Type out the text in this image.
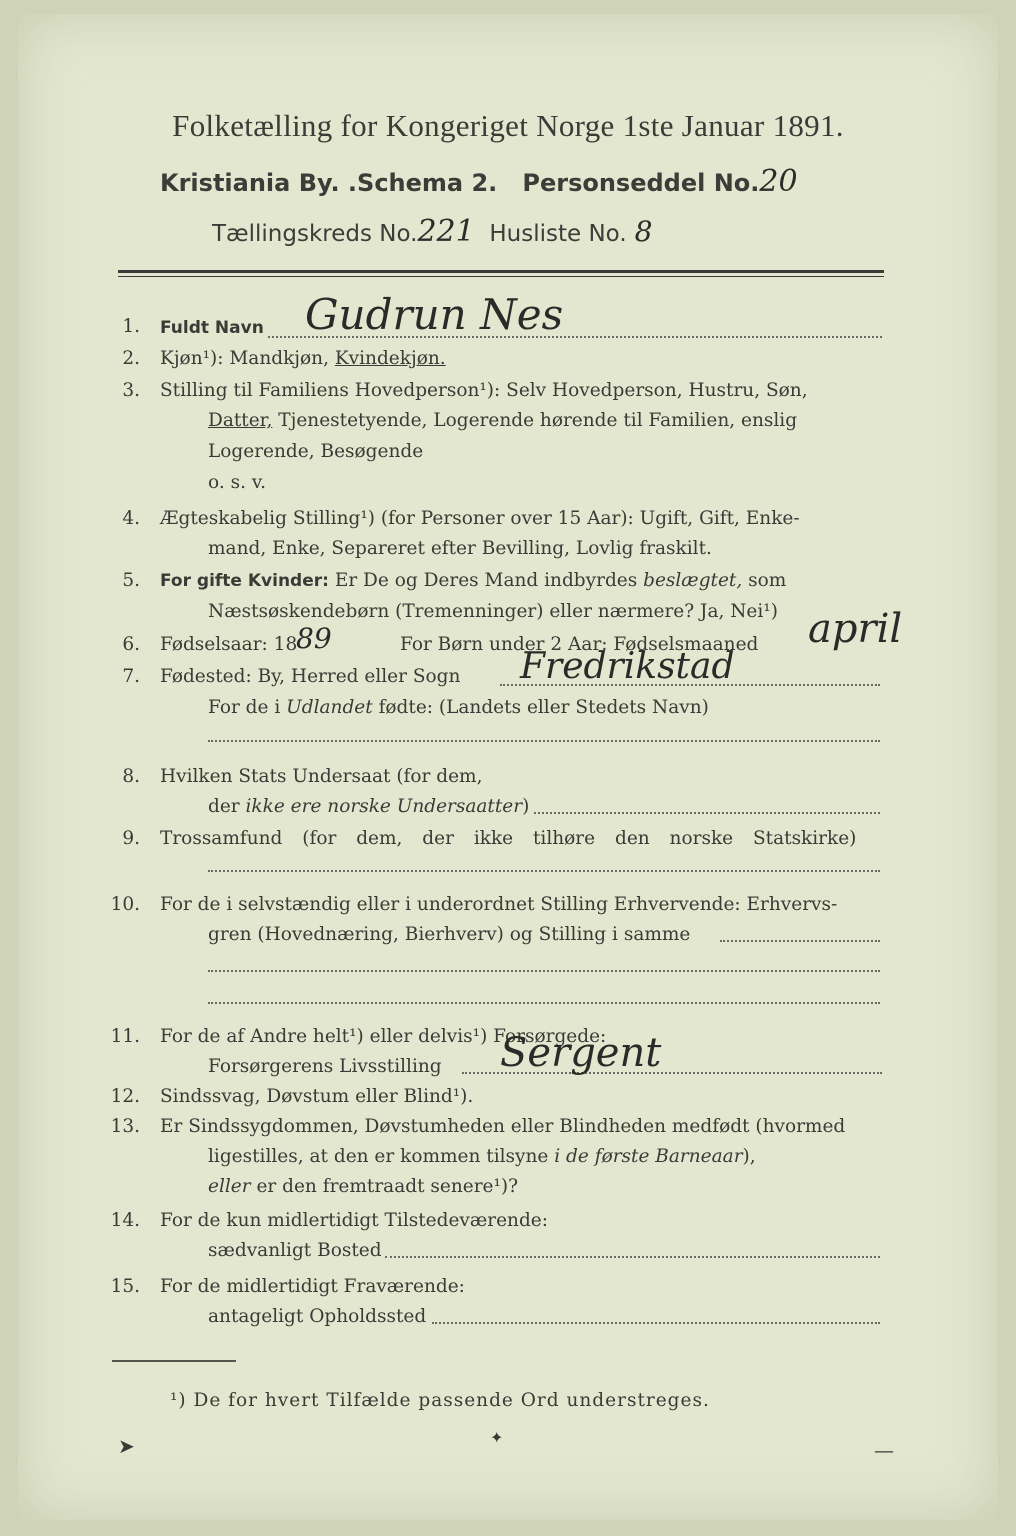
Folketælling for Kongeriget Norge 1ste Januar 1891.
Kristiania By. .Schema 2. Personseddel No.20
Tællingskreds No.221 Husliste No. 8
1. Fuldt Navn Gudrun Nes
2. Kjøn¹): Mandkjøn, Kvindekjøn.
3. Stilling til Familiens Hovedperson¹): Selv Hovedperson, Hustru, Søn,
Datter, Tjenestetyende, Logerende hørende til Familien, enslig
Logerende, Besøgende
o. s. v.
4. Ægteskabelig Stilling¹) (for Personer over 15 Aar): Ugift, Gift, Enke-
mand, Enke, Separeret efter Bevilling, Lovlig fraskilt.
5. For gifte Kvinder: Er De og Deres Mand indbyrdes beslægtet, som
Næstsøskendebørn (Tremenninger) eller nærmere? Ja, Nei¹)
6. Fødselsaar: 18
89	For Børn under 2 Aar: Fødselsmaaned april
7. Fødested: By, Herred eller Sogn Fredrikstad
For de i Udlandet fødte: (Landets eller Stedets Navn)
8. Hvilken Stats Undersaat (for dem,
der ikke ere norske Undersaatter)
9. Trossamfund (for dem, der ikke tilhøre den norske Statskirke)
10. For de i selvstændig eller i underordnet Stilling Erhvervende: Erhvervs-
gren (Hovednæring, Bierhverv) og Stilling i samme
11. For de af Andre helt¹) eller delvis¹) Forsørgede:
Forsørgerens Livsstilling Sergent
12. Sindssvag, Døvstum eller Blind¹).
13. Er Sindssygdommen, Døvstumheden eller Blindheden medfødt (hvormed
ligestilles, at den er kommen tilsyne i de første Barneaar),
eller er den fremtraadt senere¹)?
14. For de kun midlertidigt Tilstedeværende:
sædvanligt Bosted
15. For de midlertidigt Fraværende:
antageligt Opholdssted
¹) De for hvert Tilfælde passende Ord understreges.
➤	✦
—
